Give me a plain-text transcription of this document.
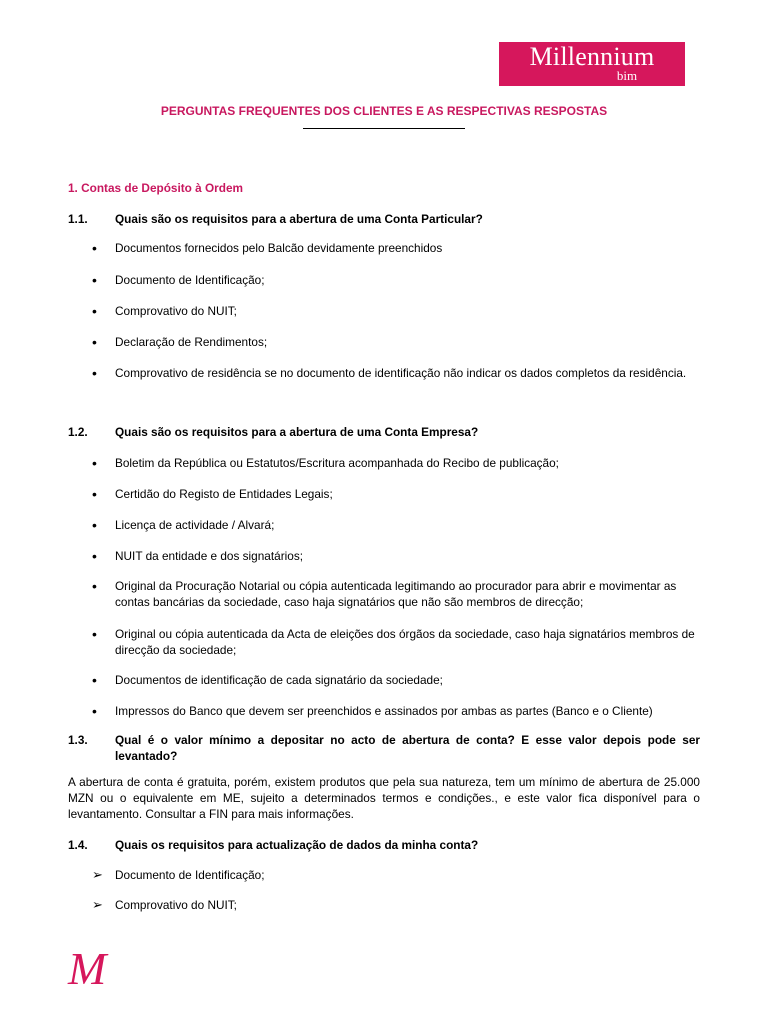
Millennium
bim
PERGUNTAS FREQUENTES DOS CLIENTES E AS RESPECTIVAS RESPOSTAS
1. Contas de Depósito à Ordem
1.1. Quais são os requisitos para a abertura de uma Conta Particular?
• Documentos fornecidos pelo Balcão devidamente preenchidos
• Documento de Identificação;
• Comprovativo do NUIT;
• Declaração de Rendimentos;
• Comprovativo de residência se no documento de identificação não indicar os dados completos da residência.
1.2. Quais são os requisitos para a abertura de uma Conta Empresa?
• Boletim da República ou Estatutos/Escritura acompanhada do Recibo de publicação;
• Certidão do Registo de Entidades Legais;
• Licença de actividade / Alvará;
• NUIT da entidade e dos signatários;
• Original da Procuração Notarial ou cópia autenticada legitimando ao procurador para abrir e movimentar as contas bancárias da sociedade, caso haja signatários que não são membros de direcção;
• Original ou cópia autenticada da Acta de eleições dos órgãos da sociedade, caso haja signatários membros de direcção da sociedade;
• Documentos de identificação de cada signatário da sociedade;
• Impressos do Banco que devem ser preenchidos e assinados por ambas as partes (Banco e o Cliente)
1.3. Qual é o valor mínimo a depositar no acto de abertura de conta? E esse valor depois pode ser levantado?
A abertura de conta é gratuita, porém, existem produtos que pela sua natureza, tem um mínimo de abertura de 25.000 MZN ou o equivalente em ME, sujeito a determinados termos e condições., e este valor fica disponível para o levantamento. Consultar a FIN para mais informações.
1.4. Quais os requisitos para actualização de dados da minha conta?
➢ Documento de Identificação;
➢ Comprovativo do NUIT;
M
